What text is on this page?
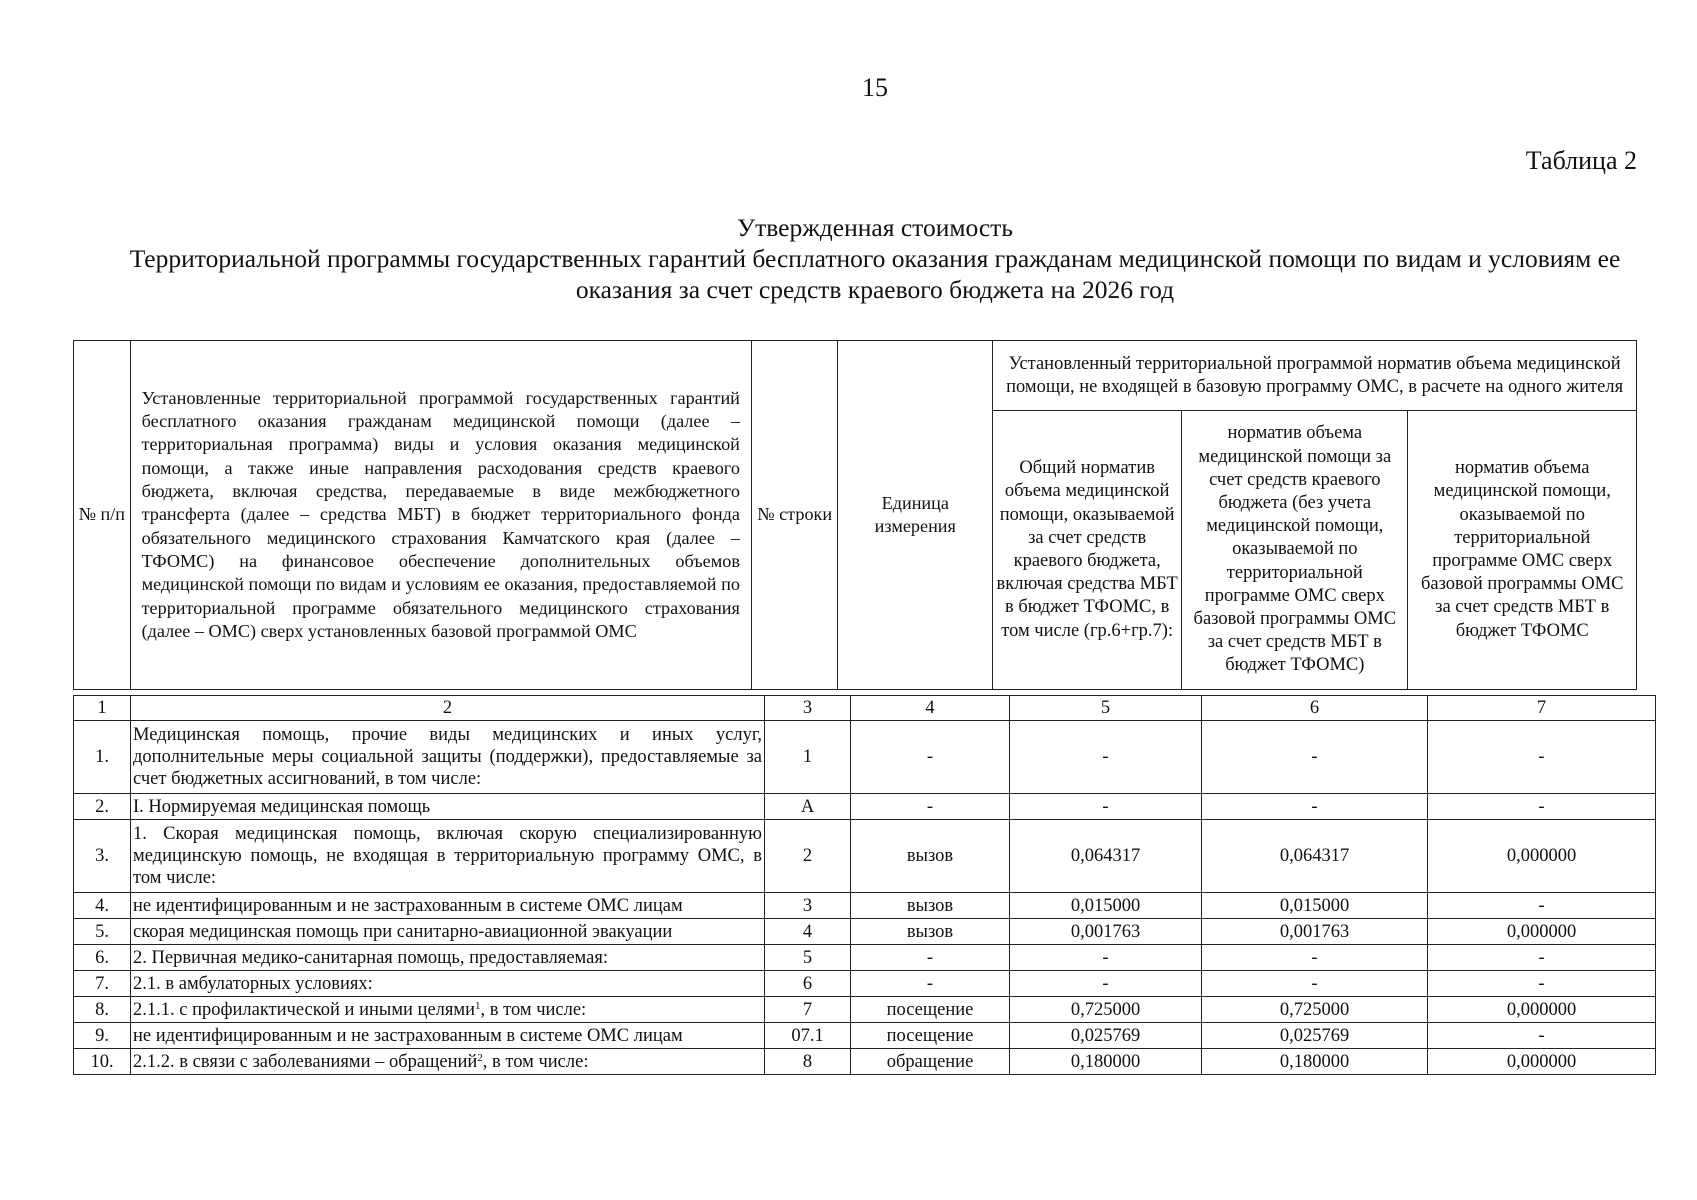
15
Таблица 2
Утвержденная стоимость
Территориальной программы государственных гарантий бесплатного оказания гражданам медицинской помощи по видам и условиям ее оказания за счет средств краевого бюджета на 2026 год
№ п/п	Установленные территориальной программой государственных гарантий бесплатного оказания гражданам медицинской помощи (далее – территориальная программа) виды и условия оказания медицинской помощи, а также иные направления расходования средств краевого бюджета, включая средства, передаваемые в виде межбюджетного трансферта (далее – средства МБТ) в бюджет территориального фонда обязательного медицинского страхования Камчатского края (далее – ТФОМС) на финансовое обеспечение дополнительных объемов медицинской помощи по видам и условиям ее оказания, предоставляемой по территориальной программе обязательного медицинского страхования (далее – ОМС) сверх установленных базовой программой ОМС	№ строки	Единица измерения	Установленный территориальной программой норматив объема медицинской помощи, не входящей в базовую программу ОМС, в расчете на одного жителя		
				Общий норматив объема медицинской помощи, оказываемой за счет средств краевого бюджета, включая средства МБТ в бюджет ТФОМС, в том числе (гр.6+гр.7):	норматив объема медицинской помощи за счет средств краевого бюджета (без учета медицинской помощи, оказываемой по территориальной программе ОМС сверх базовой программы ОМС за счет средств МБТ в бюджет ТФОМС)	норматив объема медицинской помощи, оказываемой по территориальной программе ОМС сверх базовой программы ОМС за счет средств МБТ в бюджет ТФОМС
1	2	3	4	5	6	7
1.	Медицинская помощь, прочие виды медицинских и иных услуг, дополнительные меры социальной защиты (поддержки), предоставляемые за счет бюджетных ассигнований, в том числе:	1	-	-	-	-
2.	I. Нормируемая медицинская помощь	А	-	-	-	-
3.	1. Скорая медицинская помощь, включая скорую специализированную медицинскую помощь, не входящая в территориальную программу ОМС, в том числе:	2	вызов	0,064317	0,064317	0,000000
4.	не идентифицированным и не застрахованным в системе ОМС лицам	3	вызов	0,015000	0,015000	-
5.	скорая медицинская помощь при санитарно-авиационной эвакуации	4	вызов	0,001763	0,001763	0,000000
6.	2. Первичная медико-санитарная помощь, предоставляемая:	5	-	-	-	-
7.	2.1. в амбулаторных условиях:	6	-	-	-	-
8.	2.1.1. с профилактической и иными целями$^1$, в том числе:	7	посещение	0,725000	0,725000	0,000000
9.	не идентифицированным и не застрахованным в системе ОМС лицам	07.1	посещение	0,025769	0,025769	-
10.	2.1.2. в связи с заболеваниями – обращений$^2$, в том числе:	8	обращение	0,180000	0,180000	0,000000
